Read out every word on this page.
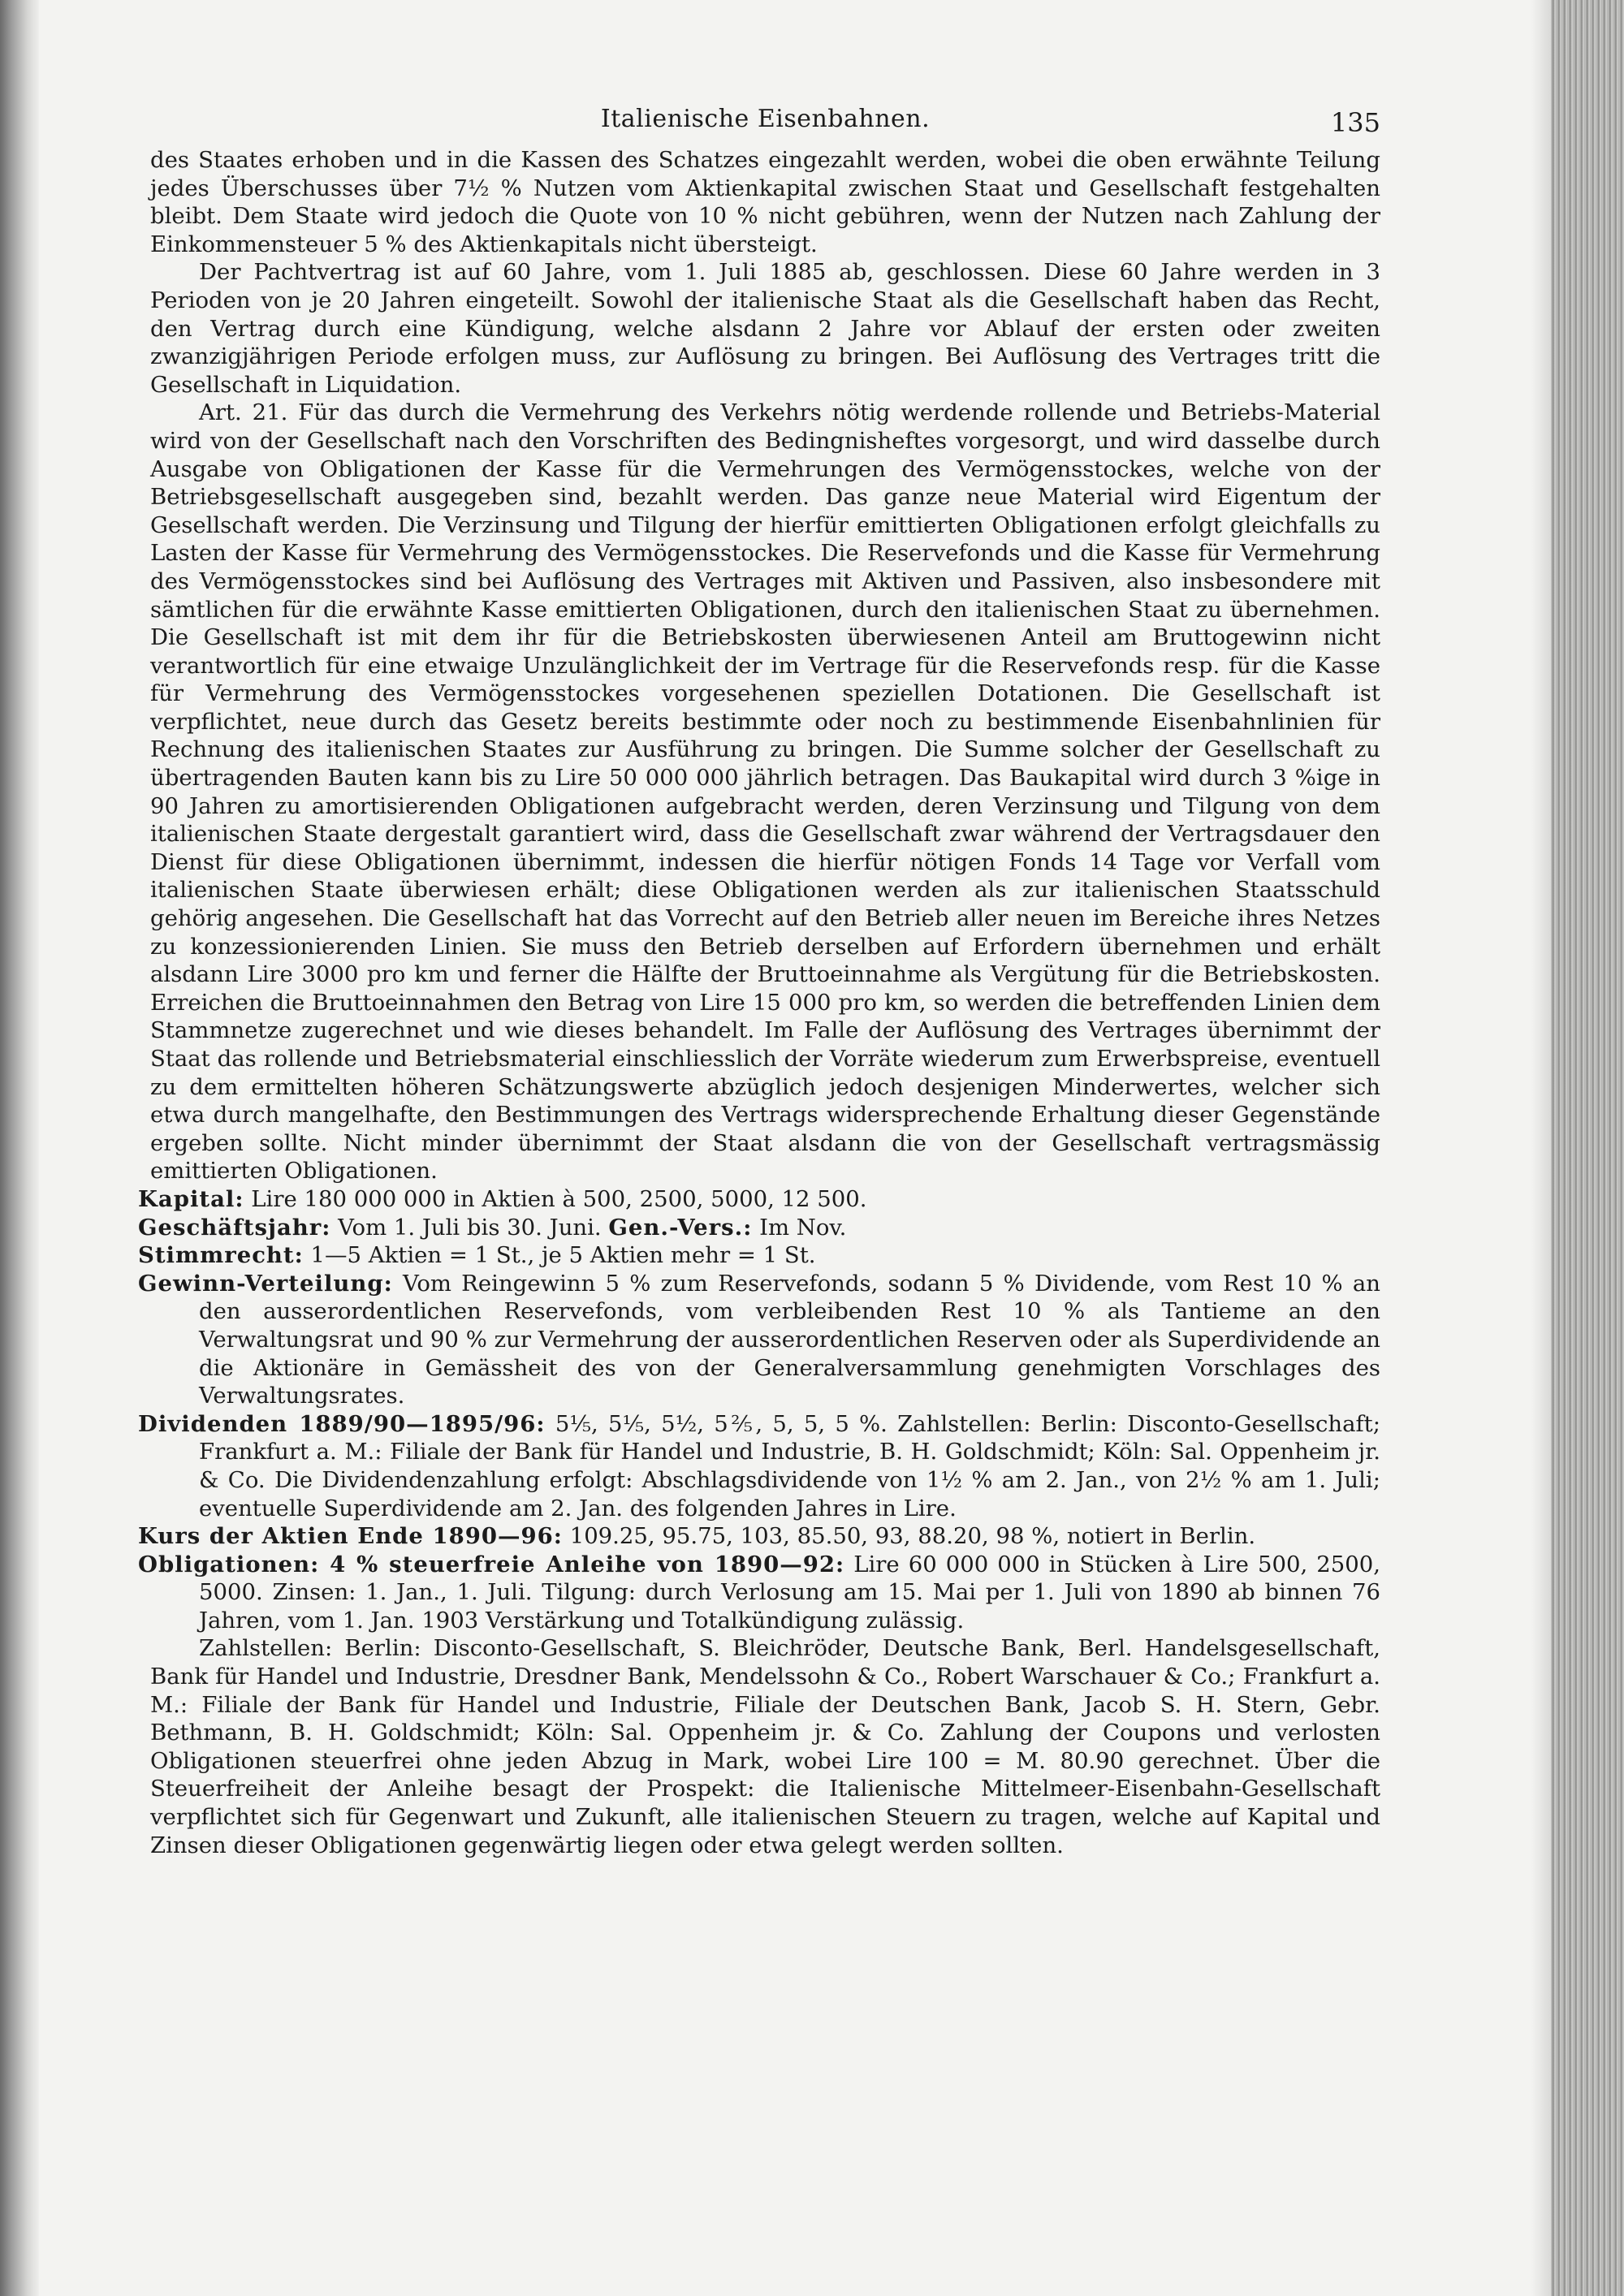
Italienische Eisenbahnen.	135

des Staates erhoben und in die Kassen des Schatzes eingezahlt werden, wobei die oben erwähnte Teilung jedes Überschusses über 7½ % Nutzen vom Aktienkapital zwischen Staat und Gesellschaft festgehalten bleibt. Dem Staate wird jedoch die Quote von 10 % nicht gebühren, wenn der Nutzen nach Zahlung der Einkommensteuer 5 % des Aktienkapitals nicht übersteigt.

Der Pachtvertrag ist auf 60 Jahre, vom 1. Juli 1885 ab, geschlossen. Diese 60 Jahre werden in 3 Perioden von je 20 Jahren eingeteilt. Sowohl der italienische Staat als die Gesellschaft haben das Recht, den Vertrag durch eine Kündigung, welche alsdann 2 Jahre vor Ablauf der ersten oder zweiten zwanzigjährigen Periode erfolgen muss, zur Auflösung zu bringen. Bei Auflösung des Vertrages tritt die Gesellschaft in Liquidation.

Art. 21. Für das durch die Vermehrung des Verkehrs nötig werdende rollende und Betriebs-Material wird von der Gesellschaft nach den Vorschriften des Bedingnisheftes vorgesorgt, und wird dasselbe durch Ausgabe von Obligationen der Kasse für die Vermehrungen des Vermögensstockes, welche von der Betriebsgesellschaft ausgegeben sind, bezahlt werden. Das ganze neue Material wird Eigentum der Gesellschaft werden. Die Verzinsung und Tilgung der hierfür emittierten Obligationen erfolgt gleichfalls zu Lasten der Kasse für Vermehrung des Vermögensstockes. Die Reservefonds und die Kasse für Vermehrung des Vermögensstockes sind bei Auflösung des Vertrages mit Aktiven und Passiven, also insbesondere mit sämtlichen für die erwähnte Kasse emittierten Obligationen, durch den italienischen Staat zu übernehmen. Die Gesellschaft ist mit dem ihr für die Betriebskosten überwiesenen Anteil am Bruttogewinn nicht verantwortlich für eine etwaige Unzulänglichkeit der im Vertrage für die Reservefonds resp. für die Kasse für Vermehrung des Vermögensstockes vorgesehenen speziellen Dotationen. Die Gesellschaft ist verpflichtet, neue durch das Gesetz bereits bestimmte oder noch zu bestimmende Eisenbahnlinien für Rechnung des italienischen Staates zur Ausführung zu bringen. Die Summe solcher der Gesellschaft zu übertragenden Bauten kann bis zu Lire 50 000 000 jährlich betragen. Das Baukapital wird durch 3 %ige in 90 Jahren zu amortisierenden Obligationen aufgebracht werden, deren Verzinsung und Tilgung von dem italienischen Staate dergestalt garantiert wird, dass die Gesellschaft zwar während der Vertragsdauer den Dienst für diese Obligationen übernimmt, indessen die hierfür nötigen Fonds 14 Tage vor Verfall vom italienischen Staate überwiesen erhält; diese Obligationen werden als zur italienischen Staatsschuld gehörig angesehen. Die Gesellschaft hat das Vorrecht auf den Betrieb aller neuen im Bereiche ihres Netzes zu konzessionierenden Linien. Sie muss den Betrieb derselben auf Erfordern übernehmen und erhält alsdann Lire 3000 pro km und ferner die Hälfte der Bruttoeinnahme als Vergütung für die Betriebskosten. Erreichen die Bruttoeinnahmen den Betrag von Lire 15 000 pro km, so werden die betreffenden Linien dem Stammnetze zugerechnet und wie dieses behandelt. Im Falle der Auflösung des Vertrages übernimmt der Staat das rollende und Betriebsmaterial einschliesslich der Vorräte wiederum zum Erwerbspreise, eventuell zu dem ermittelten höheren Schätzungswerte abzüglich jedoch desjenigen Minderwertes, welcher sich etwa durch mangelhafte, den Bestimmungen des Vertrags widersprechende Erhaltung dieser Gegenstände ergeben sollte. Nicht minder übernimmt der Staat alsdann die von der Gesellschaft vertragsmässig emittierten Obligationen.

Kapital: Lire 180 000 000 in Aktien à 500, 2500, 5000, 12 500.

Geschäftsjahr: Vom 1. Juli bis 30. Juni. Gen.-Vers.: Im Nov.

Stimmrecht: 1—5 Aktien = 1 St., je 5 Aktien mehr = 1 St.

Gewinn-Verteilung: Vom Reingewinn 5 % zum Reservefonds, sodann 5 % Dividende, vom Rest 10 % an den ausserordentlichen Reservefonds, vom verbleibenden Rest 10 % als Tantieme an den Verwaltungsrat und 90 % zur Vermehrung der ausserordentlichen Reserven oder als Superdividende an die Aktionäre in Gemässheit des von der Generalversammlung genehmigten Vorschlages des Verwaltungsrates.

Dividenden 1889/90—1895/96: 5⅕, 5⅕, 5½, 5⅖, 5, 5, 5 %. Zahlstellen: Berlin: Disconto-Gesellschaft; Frankfurt a. M.: Filiale der Bank für Handel und Industrie, B. H. Goldschmidt; Köln: Sal. Oppenheim jr. & Co. Die Dividendenzahlung erfolgt: Abschlagsdividende von 1½ % am 2. Jan., von 2½ % am 1. Juli; eventuelle Superdividende am 2. Jan. des folgenden Jahres in Lire.

Kurs der Aktien Ende 1890—96: 109.25, 95.75, 103, 85.50, 93, 88.20, 98 %, notiert in Berlin.

Obligationen: 4 % steuerfreie Anleihe von 1890—92: Lire 60 000 000 in Stücken à Lire 500, 2500, 5000. Zinsen: 1. Jan., 1. Juli. Tilgung: durch Verlosung am 15. Mai per 1. Juli von 1890 ab binnen 76 Jahren, vom 1. Jan. 1903 Verstärkung und Totalkündigung zulässig.

Zahlstellen: Berlin: Disconto-Gesellschaft, S. Bleichröder, Deutsche Bank, Berl. Handelsgesellschaft, Bank für Handel und Industrie, Dresdner Bank, Mendelssohn & Co., Robert Warschauer & Co.; Frankfurt a. M.: Filiale der Bank für Handel und Industrie, Filiale der Deutschen Bank, Jacob S. H. Stern, Gebr. Bethmann, B. H. Goldschmidt; Köln: Sal. Oppenheim jr. & Co. Zahlung der Coupons und verlosten Obligationen steuerfrei ohne jeden Abzug in Mark, wobei Lire 100 = M. 80.90 gerechnet. Über die Steuerfreiheit der Anleihe besagt der Prospekt: die Italienische Mittelmeer-Eisenbahn-Gesellschaft verpflichtet sich für Gegenwart und Zukunft, alle italienischen Steuern zu tragen, welche auf Kapital und Zinsen dieser Obligationen gegenwärtig liegen oder etwa gelegt werden sollten.
